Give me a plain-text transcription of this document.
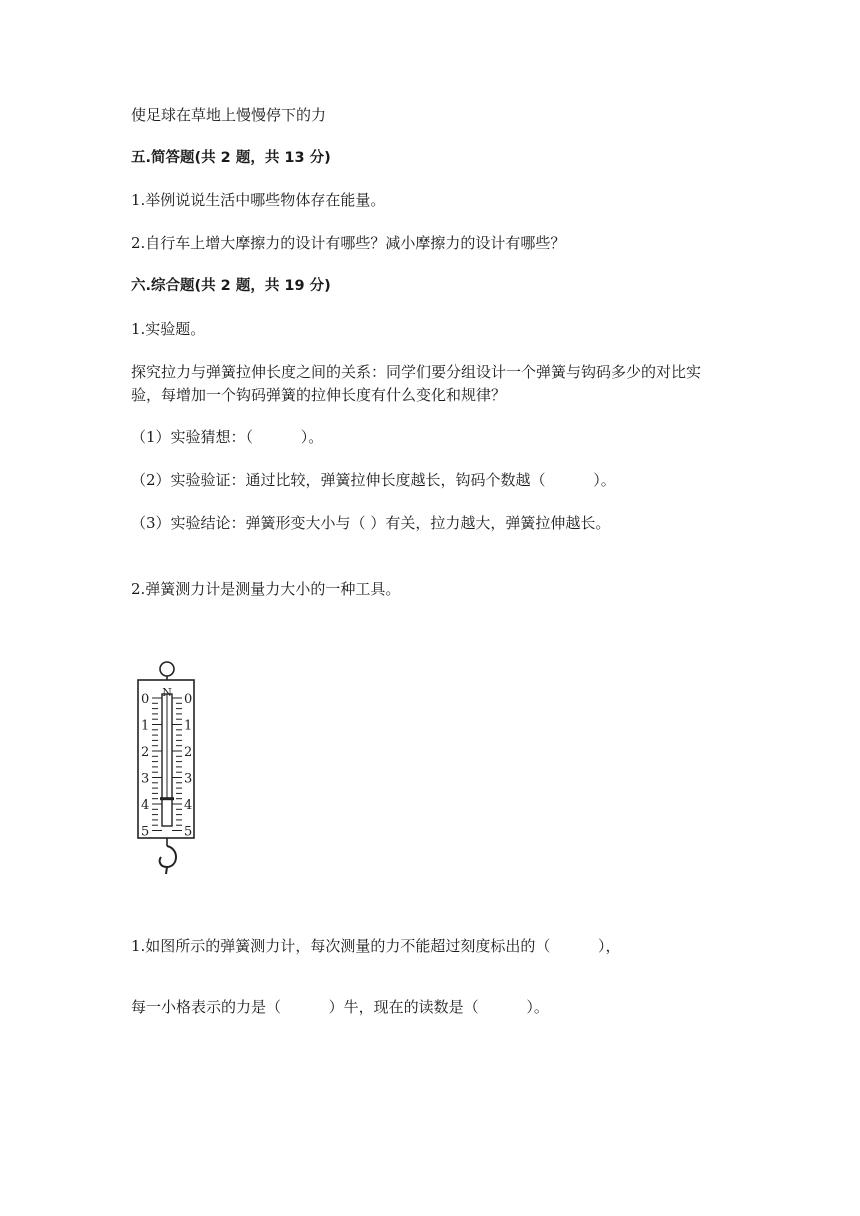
使足球在草地上慢慢停下的力
五.简答题(共 2 题，共 13 分)
1.举例说说生活中哪些物体存在能量。
2.自行车上增大摩擦力的设计有哪些？减小摩擦力的设计有哪些？
六.综合题(共 2 题，共 19 分)
1.实验题。
探究拉力与弹簧拉伸长度之间的关系：同学们要分组设计一个弹簧与钩码多少的对比实验，每增加一个钩码弹簧的拉伸长度有什么变化和规律？
（1）实验猜想：（          ）。
（2）实验验证：通过比较，弹簧拉伸长度越长，钩码个数越（          ）。
（3）实验结论：弹簧形变大小与（ ）有关，拉力越大，弹簧拉伸越长。
2.弹簧测力计是测量力大小的一种工具。
0	0
1	1
2	2
3	3
4	4
5	5
N
1.如图所示的弹簧测力计，每次测量的力不能超过刻度标出的（          ），
每一小格表示的力是（          ）牛，现在的读数是（          ）。
